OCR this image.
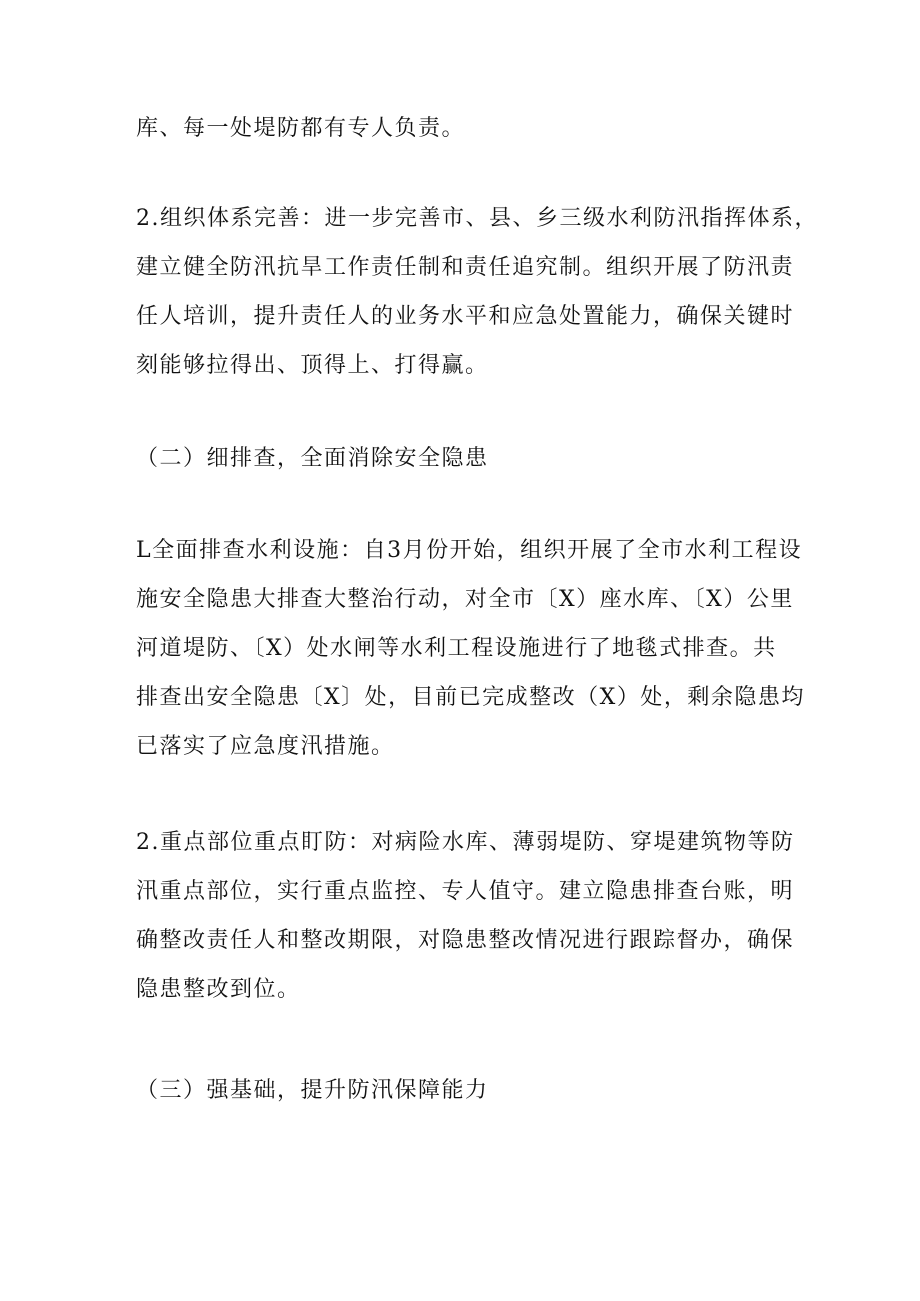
库、每一处堤防都有专人负责。
2.组织体系完善：进一步完善市、县、乡三级水利防汛指挥体系，
建立健全防汛抗旱工作责任制和责任追究制。组织开展了防汛责
任人培训，提升责任人的业务水平和应急处置能力，确保关键时
刻能够拉得出、顶得上、打得赢。
（二）细排查，全面消除安全隐患
L全面排查水利设施：自3月份开始，组织开展了全市水利工程设
施安全隐患大排查大整治行动，对全市〔X）座水库、〔X）公里
河道堤防、〔X）处水闸等水利工程设施进行了地毯式排查。共
排查出安全隐患〔X〕处，目前已完成整改（X）处，剩余隐患均
已落实了应急度汛措施。
2.重点部位重点盯防：对病险水库、薄弱堤防、穿堤建筑物等防
汛重点部位，实行重点监控、专人值守。建立隐患排查台账，明
确整改责任人和整改期限，对隐患整改情况进行跟踪督办，确保
隐患整改到位。
（三）强基础，提升防汛保障能力
